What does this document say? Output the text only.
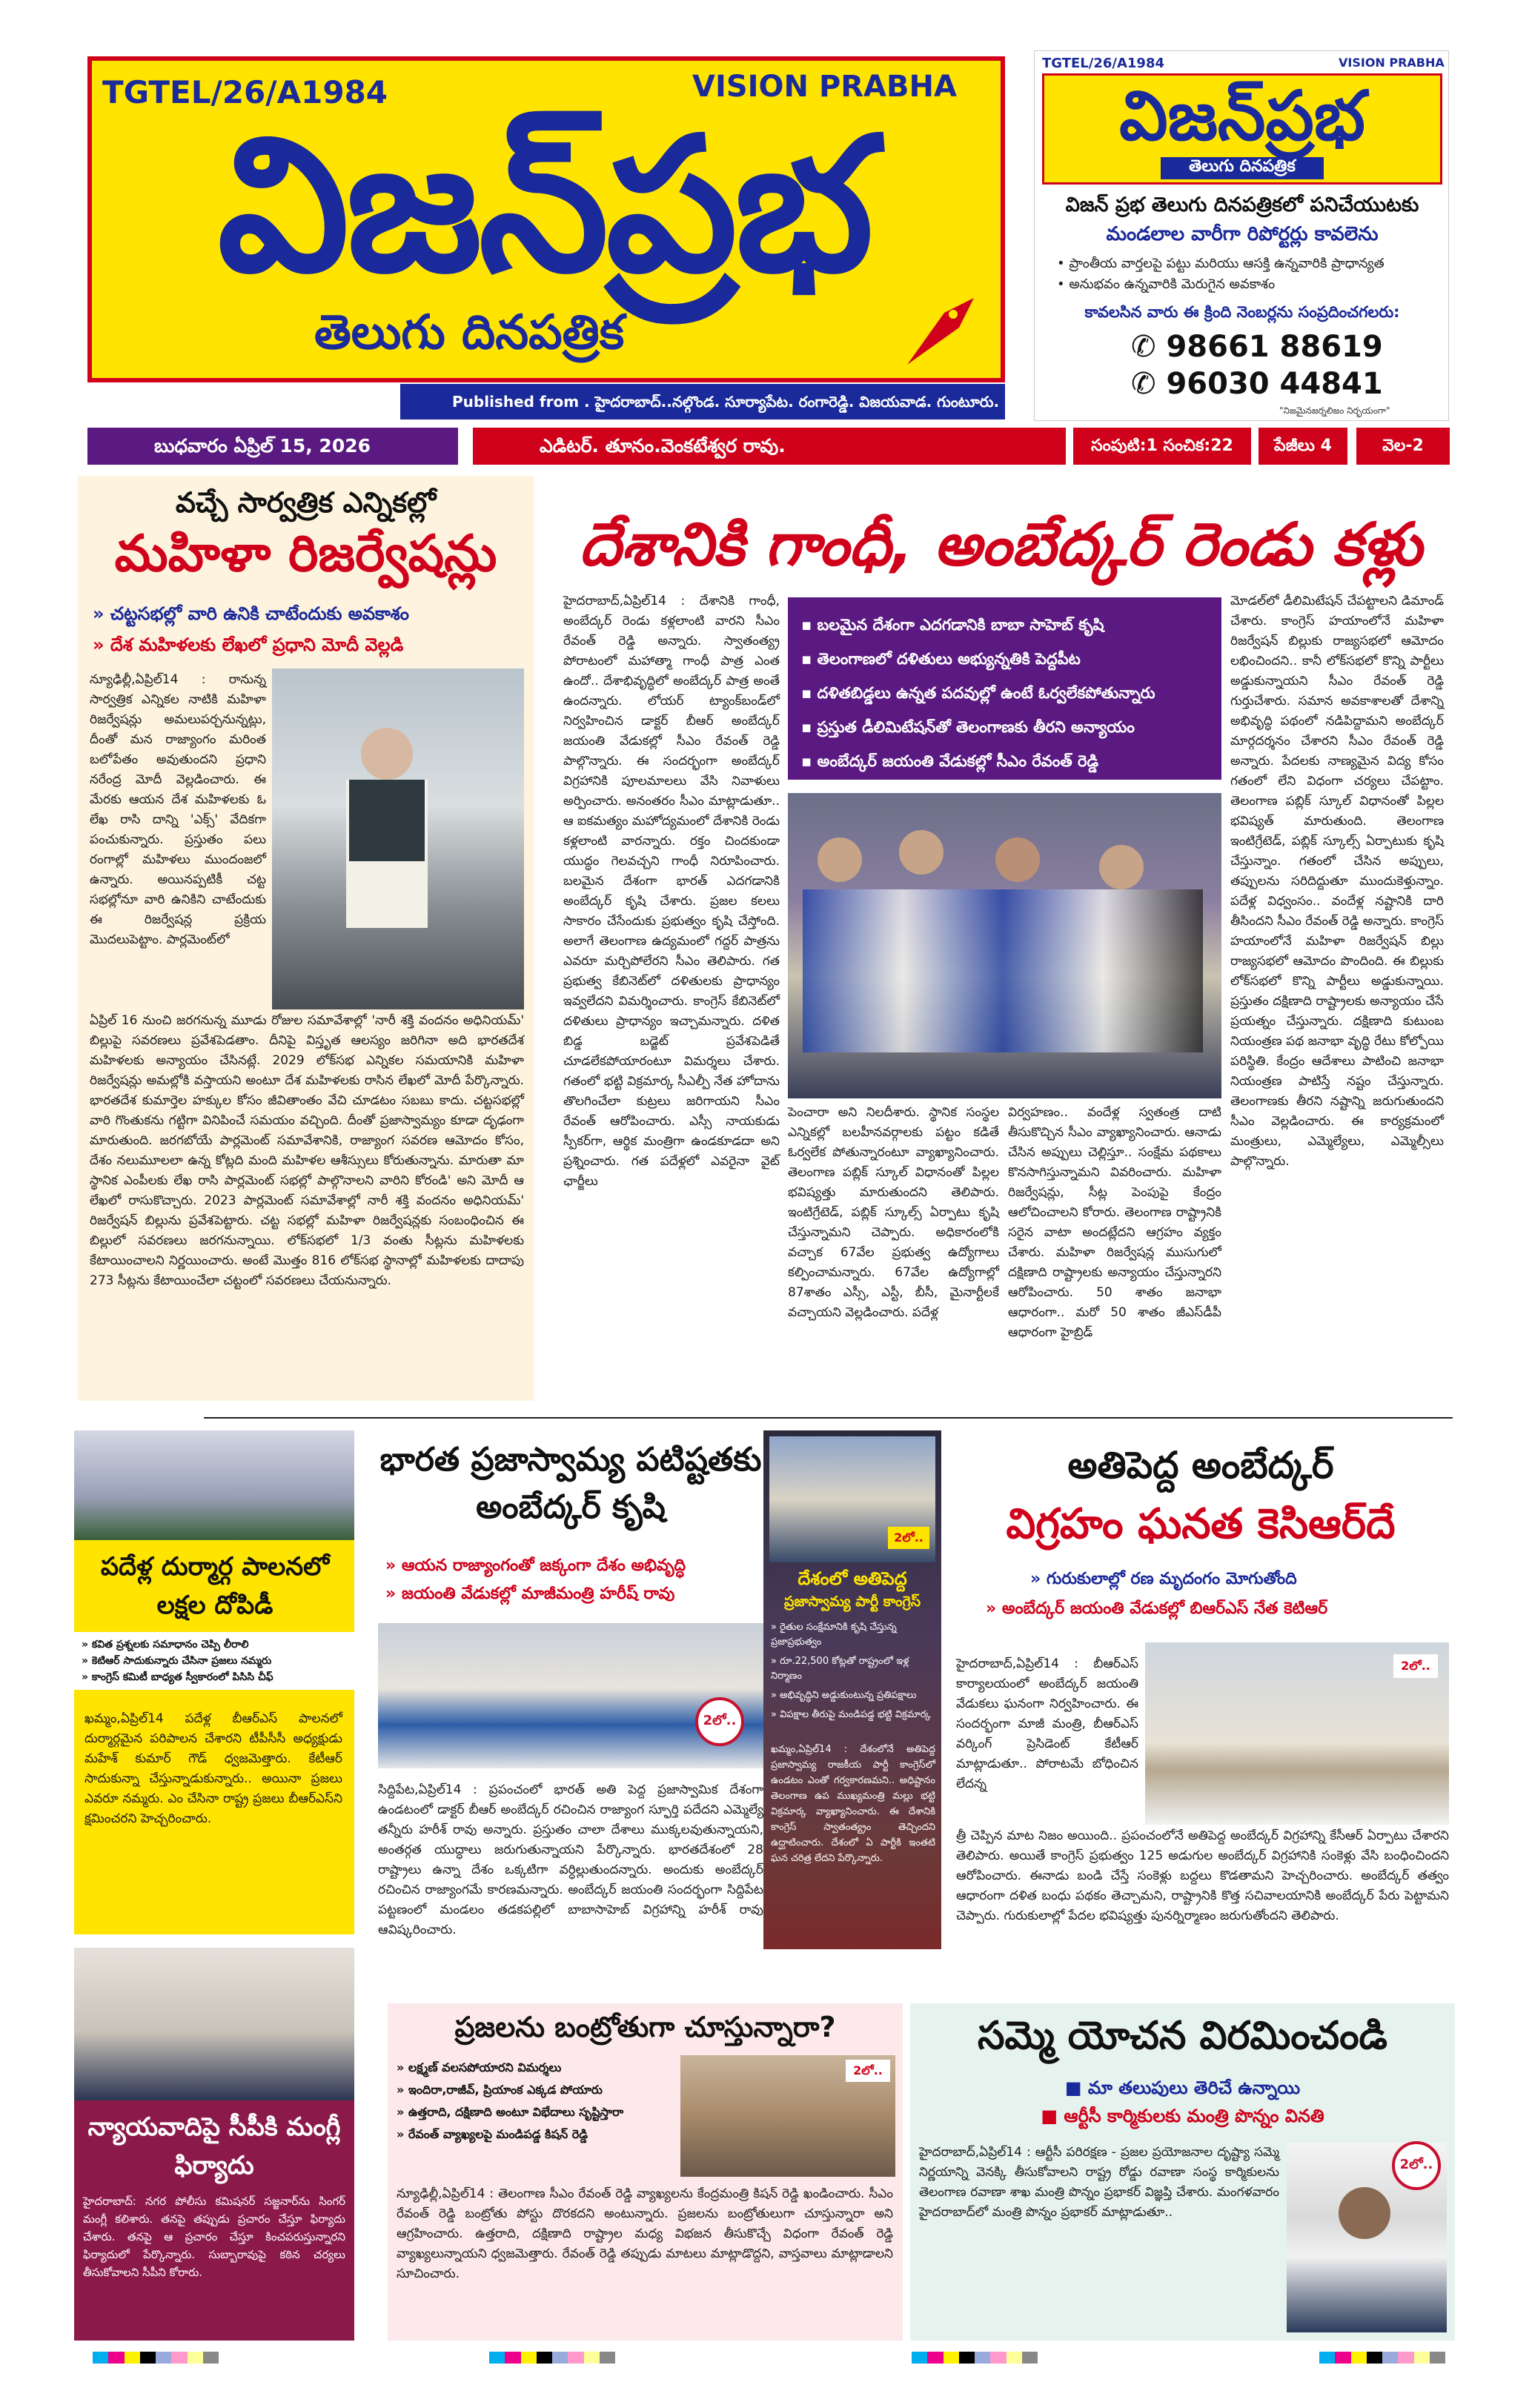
TGTEL/26/A1984	VISION PRABHA
విజన్‌ప్రభ
తెలుగు దినపత్రిక
Published from . హైదరాబాద్..నల్గొండ. సూర్యాపేట. రంగారెడ్డి. విజయవాడ. గుంటూరు.
TGTEL/26/A1984	VISION PRABHA
విజన్‌ప్రభ
తెలుగు దినపత్రిక
విజన్ ప్రభ తెలుగు దినపత్రికలో పనిచేయుటకు
మండలాల వారీగా రిపోర్టర్లు కావలెను
• ప్రాంతీయ వార్తలపై పట్టు మరియు ఆసక్తి ఉన్నవారికి ప్రాధాన్యత
• అనుభవం ఉన్నవారికి మెరుగైన అవకాశం
కావలసిన వారు ఈ క్రింది నెంబర్లను సంప్రదించగలరు:
✆ 98661 88619
✆ 96030 44841
"నిజమైనజర్నలిజం నిర్భయంగా"
బుధవారం ఏప్రిల్ 15, 2026	ఎడిటర్. తూనం.వెంకటేశ్వర రావు.	సంపుటి:1 సంచిక:22	పేజీలు 4	వెల-2
వచ్చే సార్వత్రిక ఎన్నికల్లో
మహిళా రిజర్వేషన్లు
» చట్టసభల్లో వారి ఉనికి చాటేందుకు అవకాశం
» దేశ మహిళలకు లేఖలో ప్రధాని మోదీ వెల్లడి
న్యూఢిల్లీ,ఏప్రిల్14 : రానున్న సార్వత్రిక ఎన్నికల నాటికి మహిళా రిజర్వేషన్లు అమలుపర్చనున్నట్లు, దీంతో మన రాజ్యాంగం మరింత బలోపేతం అవుతుందని ప్రధాని నరేంద్ర మోదీ వెల్లడించారు. ఈ మేరకు ఆయన దేశ మహిళలకు ఓ లేఖ రాసి దాన్ని 'ఎక్స్' వేదికగా పంచుకున్నారు. ప్రస్తుతం పలు రంగాల్లో మహిళలు ముందంజలో ఉన్నారు. అయినప్పటికీ చట్ట సభల్లోనూ వారి ఉనికిని చాటేందుకు ఈ రిజర్వేషన్ల ప్రక్రియ మొదలుపెట్టాం. పార్లమెంట్‌లో
ఏప్రిల్ 16 నుంచి జరగనున్న మూడు రోజుల సమావేశాల్లో 'నారీ శక్తి వందనం అధినియమ్' బిల్లుపై సవరణలు ప్రవేశపెడతాం. దీనిపై విస్తృత ఆలస్యం జరిగినా అది భారతదేశ మహిళలకు అన్యాయం చేసినట్లే. 2029 లోక్‌సభ ఎన్నికల సమయానికి మహిళా రిజర్వేషన్లు అమల్లోకి వస్తాయని అంటూ దేశ మహిళలకు రాసిన లేఖలో మోదీ పేర్కొన్నారు. భారతదేశ కుమార్తెల హక్కుల కోసం జీవితాంతం వేచి చూడటం సబబు కాదు. చట్టసభల్లో వారి గొంతుకను గట్టిగా వినిపించే సమయం వచ్చింది. దీంతో ప్రజాస్వామ్యం కూడా దృఢంగా మారుతుంది. జరగబోయే పార్లమెంట్ సమావేశానికి, రాజ్యాంగ సవరణ ఆమోదం కోసం, దేశం నలుమూలలా ఉన్న కోట్లది మంది మహిళల ఆశీస్సులు కోరుతున్నాను. మారుతా మా స్థానిక ఎంపీలకు లేఖ రాసి పార్లమెంట్ సభల్లో పాల్గొనాలని వారిని కోరండి' అని మోదీ ఆ లేఖలో రాసుకొచ్చారు. 2023 పార్లమెంట్ సమావేశాల్లో నారీ శక్తి వందనం అధినియమ్' రిజర్వేషన్ బిల్లును ప్రవేశపెట్టారు. చట్ట సభల్లో మహిళా రిజర్వేషన్లకు సంబంధించిన ఈ బిల్లులో సవరణలు జరగనున్నాయి. లోక్‌సభలో 1/3 వంతు సీట్లను మహిళలకు కేటాయించాలని నిర్ణయించారు. అంటే మొత్తం 816 లోక్‌సభ స్థానాల్లో మహిళలకు దాదాపు 273 సీట్లను కేటాయించేలా చట్టంలో సవరణలు చేయనున్నారు.
దేశానికి గాంధీ, అంబేద్కర్ రెండు కళ్లు
హైదరాబాద్,ఏప్రిల్14 : దేశానికి గాంధీ, అంబేద్కర్ రెండు కళ్లలాంటి వారని సీఎం రేవంత్ రెడ్డి అన్నారు. స్వాతంత్య్ర పోరాటంలో మహాత్మా గాంధీ పాత్ర ఎంత ఉందో.. దేశాభివృద్ధిలో అంబేద్కర్ పాత్ర అంతే ఉందన్నారు. లోయర్ ట్యాంక్‌బండ్‌లో నిర్వహించిన డాక్టర్ బీఆర్ అంబేద్కర్ జయంతి వేడుకల్లో సీఎం రేవంత్ రెడ్డి పాల్గొన్నారు. ఈ సందర్భంగా అంబేద్కర్ విగ్రహానికి పూలమాలలు వేసి నివాళులు అర్పించారు. అనంతరం సీఎం మాట్లాడుతూ.. ఆ ఐకమత్యం మహోద్యమంలో దేశానికి రెండు కళ్లలాంటి వారన్నారు. రక్తం చిందకుండా యుద్ధం గెలవచ్చని గాంధీ నిరూపించారు. బలమైన దేశంగా భారత్ ఎదగడానికి అంబేద్కర్ కృషి చేశారు. ప్రజల కలలు సాకారం చేసేందుకు ప్రభుత్వం కృషి చేస్తోంది. అలాగే తెలంగాణ ఉద్యమంలో గద్దర్ పాత్రను ఎవరూ మర్చిపోలేరని సీఎం తెలిపారు. గత ప్రభుత్వ కేబినెట్‌లో దళితులకు ప్రాధాన్యం ఇవ్వలేదని విమర్శించారు. కాంగ్రెస్ కేబినెట్‌లో దళితులు ప్రాధాన్యం ఇచ్చామన్నారు. దళిత బిడ్డ బడ్జెట్ ప్రవేశపెడితే చూడలేకపోయారంటూ విమర్శలు చేశారు. గతంలో భట్టి విక్రమార్క సీఎల్పీ నేత హోదాను తొలగించేలా కుట్రలు జరిగాయని సీఎం రేవంత్ ఆరోపించారు. ఎస్సీ నాయకుడు స్పీకర్‌గా, ఆర్థిక మంత్రిగా ఉండకూడదా అని ప్రశ్నించారు. గత పదేళ్లలో ఎవరైనా వైట్ ఛార్జీలు
▪ బలమైన దేశంగా ఎదగడానికి బాబా సాహెబ్ కృషి
▪ తెలంగాణలో దళితులు అభ్యున్నతికి పెద్దపీట
▪ దళితబిడ్డలు ఉన్నత పదవుల్లో ఉంటే ఓర్వలేకపోతున్నారు
▪ ప్రస్తుత డీలిమిటేషన్‌తో తెలంగాణకు తీరని అన్యాయం
▪ అంబేద్కర్ జయంతి వేడుకల్లో సీఎం రేవంత్ రెడ్డి
పెంచారా అని నిలదీశారు. స్థానిక సంస్థల ఎన్నికల్లో బలహీనవర్గాలకు పట్టం కడితే ఓర్వలేక పోతున్నారంటూ వ్యాఖ్యానించారు. తెలంగాణ పబ్లిక్ స్కూల్ విధానంతో పిల్లల భవిష్యత్తు మారుతుందని తెలిపారు. ఇంటిగ్రేటెడ్, పబ్లిక్ స్కూల్స్ ఏర్పాటు కృషి చేస్తున్నామని చెప్పారు. అధికారంలోకి వచ్చాక 67వేల ప్రభుత్వ ఉద్యోగాలు కల్పించామన్నారు. 67వేల ఉద్యోగాల్లో 87శాతం ఎస్సీ, ఎస్టీ, బీసీ, మైనార్టీలకే వచ్చాయని వెల్లడించారు. పదేళ్ల
విర్వహణం.. వందేళ్ల స్వతంత్ర దాటి తీసుకొచ్చిన సీఎం వ్యాఖ్యానించారు. ఆనాడు చేసిన అప్పులు చెల్లిస్తూ.. సంక్షేమ పథకాలు కొనసాగిస్తున్నామని వివరించారు. మహిళా రిజర్వేషన్లు, సీట్ల పెంపుపై కేంద్రం ఆలోచించాలని కోరారు. తెలంగాణ రాష్ట్రానికి సరైన వాటా అందట్లేదని ఆగ్రహం వ్యక్తం చేశారు. మహిళా రిజర్వేషన్ల ముసుగులో దక్షిణాది రాష్ట్రాలకు అన్యాయం చేస్తున్నారని ఆరోపించారు. 50 శాతం జనాభా ఆధారంగా.. మరో 50 శాతం జీఎస్‌డీపీ ఆధారంగా హైబ్రిడ్
మోడల్‌లో డీలిమిటేషన్ చేపట్టాలని డిమాండ్ చేశారు. కాంగ్రెస్ హయాంలోనే మహిళా రిజర్వేషన్ బిల్లుకు రాజ్యసభలో ఆమోదం లభించిందని.. కానీ లోక్‌సభలో కొన్ని పార్టీలు అడ్డుకున్నాయని సీఎం రేవంత్ రెడ్డి గుర్తుచేశారు. సమాన అవకాశాలతో దేశాన్ని అభివృద్ధి పథంలో నడిపిద్దామని అంబేద్కర్ మార్గదర్శనం చేశారని సీఎం రేవంత్ రెడ్డి అన్నారు. పేదలకు నాణ్యమైన విద్య కోసం గతంలో లేని విధంగా చర్యలు చేపట్టాం. తెలంగాణ పబ్లిక్ స్కూల్ విధానంతో పిల్లల భవిష్యత్ మారుతుంది. తెలంగాణ ఇంటిగ్రేటెడ్, పబ్లిక్ స్కూల్స్ ఏర్పాటుకు కృషి చేస్తున్నాం. గతంలో చేసిన అప్పులు, తప్పులను సరిదిద్దుతూ ముందుకెళ్తున్నాం. పదేళ్ల విధ్వంసం.. వందేళ్ల నష్టానికి దారి తీసిందని సీఎం రేవంత్ రెడ్డి అన్నారు. కాంగ్రెస్ హయాంలోనే మహిళా రిజర్వేషన్ బిల్లు రాజ్యసభలో ఆమోదం పొందింది. ఈ బిల్లుకు లోక్‌సభలో కొన్ని పార్టీలు అడ్డుకున్నాయి. ప్రస్తుతం దక్షిణాది రాష్ట్రాలకు అన్యాయం చేసే ప్రయత్నం చేస్తున్నారు. దక్షిణాది కుటుంబ నియంత్రణ పథ జనాభా వృద్ధి రేటు కోల్పోయి పరిస్థితి. కేంద్రం ఆదేశాలు పాటించి జనాభా నియంత్రణ పాటిస్తే నష్టం చేస్తున్నారు. తెలంగాణకు తీరని నష్టాన్ని జరుగుతుందని సీఎం వెల్లడించారు. ఈ కార్యక్రమంలో మంత్రులు, ఎమ్మెల్యేలు, ఎమ్మెల్సీలు పాల్గొన్నారు.
పదేళ్ల దుర్మార్గ పాలనలో లక్షల దోపిడీ
» కవిత ప్రశ్నలకు సమాధానం చెప్పి లీరాలి
» కెటిఆర్ సాదుకున్నారు చేసినా ప్రజలు నమ్మరు
» కాంగ్రెస్ కమిటీ బాధ్యత స్వీకారంలో పిసిసి చీఫ్
ఖమ్మం,ఏప్రిల్14 పదేళ్ల బీఆర్ఎస్ పాలనలో దుర్మార్గమైన పరిపాలన చేశారని టీపీసీసీ అధ్యక్షుడు మహేశ్ కుమార్ గౌడ్ ధ్వజమెత్తారు. కేటీఆర్ సాదుకున్నా చేస్తున్నాడుకున్నారు.. అయినా ప్రజలు ఎవరూ నమ్మరు. ఎం చేసినా రాష్ట్ర ప్రజలు బీఆర్ఎస్‌ని క్షమించరని హెచ్చరించారు.
భారత ప్రజాస్వామ్య పటిష్టతకు అంబేద్కర్ కృషి
» ఆయన రాజ్యాంగంతో జక్కంగా దేశం అభివృద్ధి
» జయంతి వేడుకల్లో మాజీమంత్రి హరీష్ రావు
2లో..
సిద్దిపేట,ఏప్రిల్14 : ప్రపంచంలో భారత్ అతి పెద్ద ప్రజాస్వామిక దేశంగా ఉండటంలో డాక్టర్ బీఆర్ అంబేద్కర్ రచించిన రాజ్యాంగ స్ఫూర్తి పదేదని ఎమ్మెల్యే తన్నీరు హరీశ్ రావు అన్నారు. ప్రస్తుతం చాలా దేశాలు ముక్కలవుతున్నాయని, అంతర్గత యుద్ధాలు జరుగుతున్నాయని పేర్కొన్నారు. భారతదేశంలో 28 రాష్ట్రాలు ఉన్నా దేశం ఒక్కటిగా వర్ధిల్లుతుందన్నారు. అందుకు అంబేద్కర్ రచించిన రాజ్యాంగమే కారణమన్నారు. అంబేద్కర్ జయంతి సందర్భంగా సిద్దిపేట పట్టణంలో మండలం తడకపల్లిలో బాబాసాహెబ్ విగ్రహాన్ని హరీశ్ రావు ఆవిష్కరించారు.
2లో..
దేశంలో అతిపెద్ద
ప్రజాస్వామ్య పార్టీ కాంగ్రెస్
» రైతుల సంక్షేమానికి కృషి చేస్తున్న ప్రజాప్రభుత్వం
» రూ.22,500 కోట్లతో రాష్ట్రంలో ఇళ్ల నిర్మాణం
» అభివృద్ధిని అడ్డుకుంటున్న ప్రతిపక్షాలు
» విపక్షాల తీరుపై మండిపడ్డ భట్టి విక్రమార్క
ఖమ్మం,ఏప్రిల్14 : దేశంలోనే అతిపెద్ద ప్రజాస్వామ్య రాజకీయ పార్టీ కాంగ్రెస్‌లో ఉండటం ఎంతో గర్వకారణమని.. అధిష్టానం తెలంగాణ ఉప ముఖ్యమంత్రి మల్లు భట్టి విక్రమార్క వ్యాఖ్యానించారు. ఈ దేశానికి కాంగ్రెస్ స్వాతంత్య్రం తెచ్చిందని ఉద్ఘాటించారు. దేశంలో ఏ పార్టీకి ఇంతటి ఘన చరిత్ర లేదని పేర్కొన్నారు.
అతిపెద్ద అంబేద్కర్
విగ్రహం ఘనత కెసిఆర్‌దే
» గురుకులాల్లో రణ మృదంగం మోగుతోంది
» అంబేద్కర్ జయంతి వేడుకల్లో బిఆర్ఎస్ నేత కెటిఆర్
హైదరాబాద్,ఏప్రిల్14 : బీఆర్ఎస్ కార్యాలయంలో అంబేద్కర్ జయంతి వేడుకలు ఘనంగా నిర్వహించారు. ఈ సందర్భంగా మాజీ మంత్రి, బీఆర్ఎస్ వర్కింగ్ ప్రెసిడెంట్ కేటీఆర్ మాట్లాడుతూ.. పోరాటమే బోధించిన లేదన్న
2లో..
త్రీ చెప్పిన మాట నిజం అయింది.. ప్రపంచంలోనే అతిపెద్ద అంబేద్కర్ విగ్రహాన్ని కేసీఆర్ ఏర్పాటు చేశారని తెలిపారు. అయితే కాంగ్రెస్ ప్రభుత్వం 125 అడుగుల అంబేద్కర్ విగ్రహానికి సంకెళ్లు వేసి బంధించిందని ఆరోపించారు. ఈనాడు బండి చేస్తే సంకెళ్లు బద్దలు కొడతామని హెచ్చరించారు. అంబేద్కర్ తత్వం ఆధారంగా దళిత బంధు పథకం తెచ్చామని, రాష్ట్రానికి కొత్త సచివాలయానికి అంబేద్కర్ పేరు పెట్టామని చెప్పారు. గురుకులాల్లో పేదల భవిష్యత్తు పునర్నిర్మాణం జరుగుతోందని తెలిపారు.
న్యాయవాదిపై సీపీకి మంగ్లీ ఫిర్యాదు
హైదరాబాద్: నగర పోలీసు కమిషనర్ సజ్జనార్‌ను సింగర్ మంగ్లీ కలిశారు. తనపై తప్పుడు ప్రచారం చేస్తూ ఫిర్యాదు చేశారు. తనపై ఆ ప్రచారం చేస్తూ కించపరుస్తున్నారని ఫిర్యాదులో పేర్కొన్నారు. సుబ్బారావుపై కఠిన చర్యలు తీసుకోవాలని సీపీని కోరారు.
ప్రజలను బంట్రోతుగా చూస్తున్నారా?
» లక్ష్మణ్ వలసపోయారని విమర్శలు
» ఇందిరా,రాజీవ్, ప్రియాంక ఎక్కడ పోయారు
» ఉత్తరాది, దక్షిణాది అంటూ విభేదాలు సృష్టిస్తారా
» రేవంత్ వ్యాఖ్యలపై మండిపడ్డ కిషన్ రెడ్డి
2లో..
న్యూఢిల్లీ,ఏప్రిల్14 : తెలంగాణ సీఎం రేవంత్ రెడ్డి వ్యాఖ్యలను కేంద్రమంత్రి కిషన్ రెడ్డి ఖండించారు. సీఎం రేవంత్ రెడ్డి బంట్రోతు పోస్టు దొరకదని అంటున్నారు. ప్రజలను బంట్రోతులుగా చూస్తున్నారా అని ఆగ్రహించారు. ఉత్తరాది, దక్షిణాది రాష్ట్రాల మధ్య విభజన తీసుకొచ్చే విధంగా రేవంత్ రెడ్డి వ్యాఖ్యలున్నాయని ధ్వజమెత్తారు. రేవంత్ రెడ్డి తప్పుడు మాటలు మాట్లాడొద్దని, వాస్తవాలు మాట్లాడాలని సూచించారు.
సమ్మె యోచన విరమించండి
■ మా తలుపులు తెరిచే ఉన్నాయి
■ ఆర్టీసీ కార్మికులకు మంత్రి పొన్నం వినతి
హైదరాబాద్,ఏప్రిల్14 : ఆర్టీసీ పరిరక్షణ - ప్రజల ప్రయోజనాల దృష్ట్యా సమ్మె నిర్ణయాన్ని వెనక్కి తీసుకోవాలని రాష్ట్ర రోడ్డు రవాణా సంస్థ కార్మికులను తెలంగాణ రవాణా శాఖ మంత్రి పొన్నం ప్రభాకర్ విజ్ఞప్తి చేశారు. మంగళవారం హైదరాబాద్‌లో మంత్రి పొన్నం ప్రభాకర్ మాట్లాడుతూ..
2లో..
